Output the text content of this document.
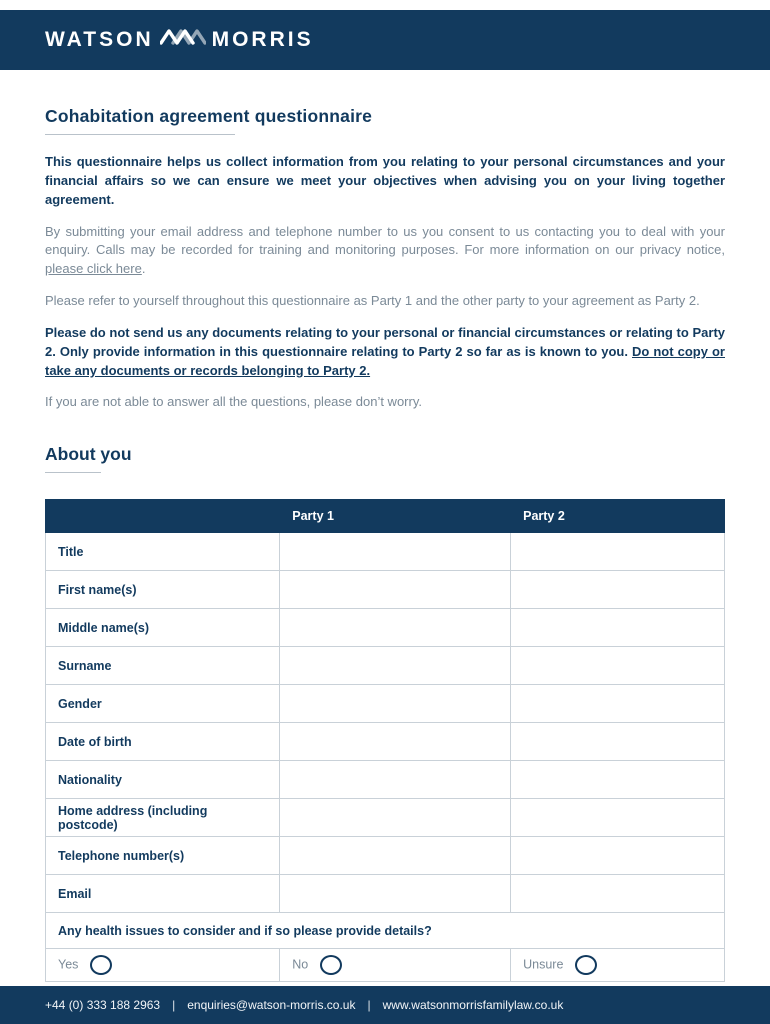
WATSON	MORRIS
Cohabitation agreement questionnaire

This questionnaire helps us collect information from you relating to your personal circumstances and your financial affairs so we can ensure we meet your objectives when advising you on your living together agreement.

By submitting your email address and telephone number to us you consent to us contacting you to deal with your enquiry. Calls may be recorded for training and monitoring purposes. For more information on our privacy notice, please click here.

Please refer to yourself throughout this questionnaire as Party 1 and the other party to your agreement as Party 2.

Please do not send us any documents relating to your personal or financial circumstances or relating to Party 2. Only provide information in this questionnaire relating to Party 2 so far as is known to you. Do not copy or take any documents or records belonging to Party 2.

If you are not able to answer all the questions, please don’t worry.

About you
	Party 1	Party 2
Title		
First name(s)		
Middle name(s)		
Surname		
Gender		
Date of birth		
Nationality		
Home address (including postcode)		
Telephone number(s)		
Email		
Any health issues to consider and if so please provide details?		
Yes	No	Unsure
+44 (0) 333 188 2963 | enquiries@watson-morris.co.uk | www.watsonmorrisfamilylaw.co.uk
